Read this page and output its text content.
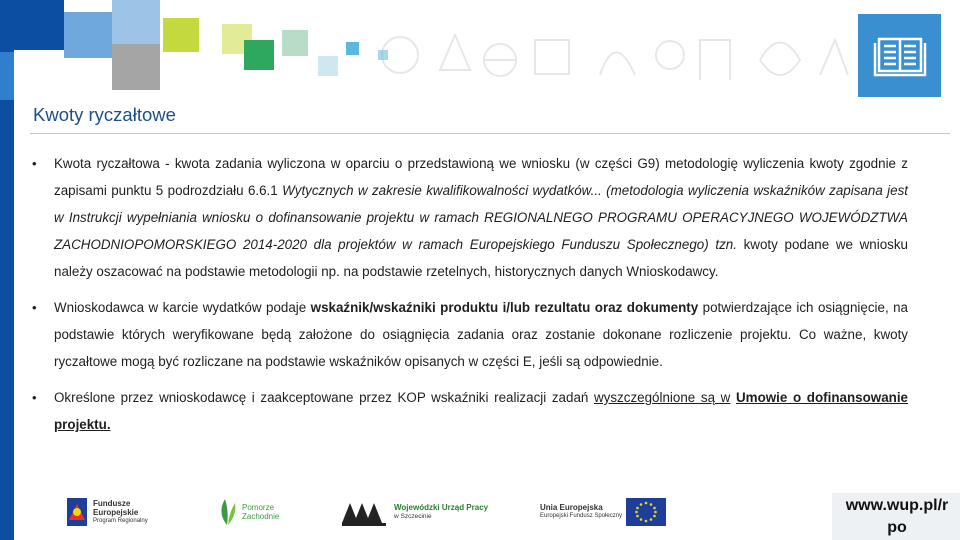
Kwoty ryczałtowe
• Kwota ryczałtowa - kwota zadania wyliczona w oparciu o przedstawioną we wniosku (w części G9) metodologię wyliczenia kwoty zgodnie z zapisami punktu 5 podrozdziału 6.6.1 Wytycznych w zakresie kwalifikowalności wydatków... (metodologia wyliczenia wskaźników zapisana jest w Instrukcji wypełniania wniosku o dofinansowanie projektu w ramach REGIONALNEGO PROGRAMU OPERACYJNEGO WOJEWÓDZTWA ZACHODNIOPOMORSKIEGO 2014-2020 dla projektów w ramach Europejskiego Funduszu Społecznego) tzn. kwoty podane we wniosku należy oszacować na podstawie metodologii np. na podstawie rzetelnych, historycznych danych Wnioskodawcy.
• Wnioskodawca w karcie wydatków podaje wskaźnik/wskaźniki produktu i/lub rezultatu oraz dokumenty potwierdzające ich osiągnięcie, na podstawie których weryfikowane będą założone do osiągnięcia zadania oraz zostanie dokonane rozliczenie projektu. Co ważne, kwoty ryczałtowe mogą być rozliczane na podstawie wskaźników opisanych w części E, jeśli są odpowiednie.
• Określone przez wnioskodawcę i zaakceptowane przez KOP wskaźniki realizacji zadań wyszczególnione są w Umowie o dofinansowanie projektu.
Fundusze
Europejskie
Program Regionalny
Pomorze
Zachodnie
Wojewódzki Urząd Pracy
w Szczecinie
Unia Europejska
Europejski Fundusz Społeczny
www.wup.pl/r po
